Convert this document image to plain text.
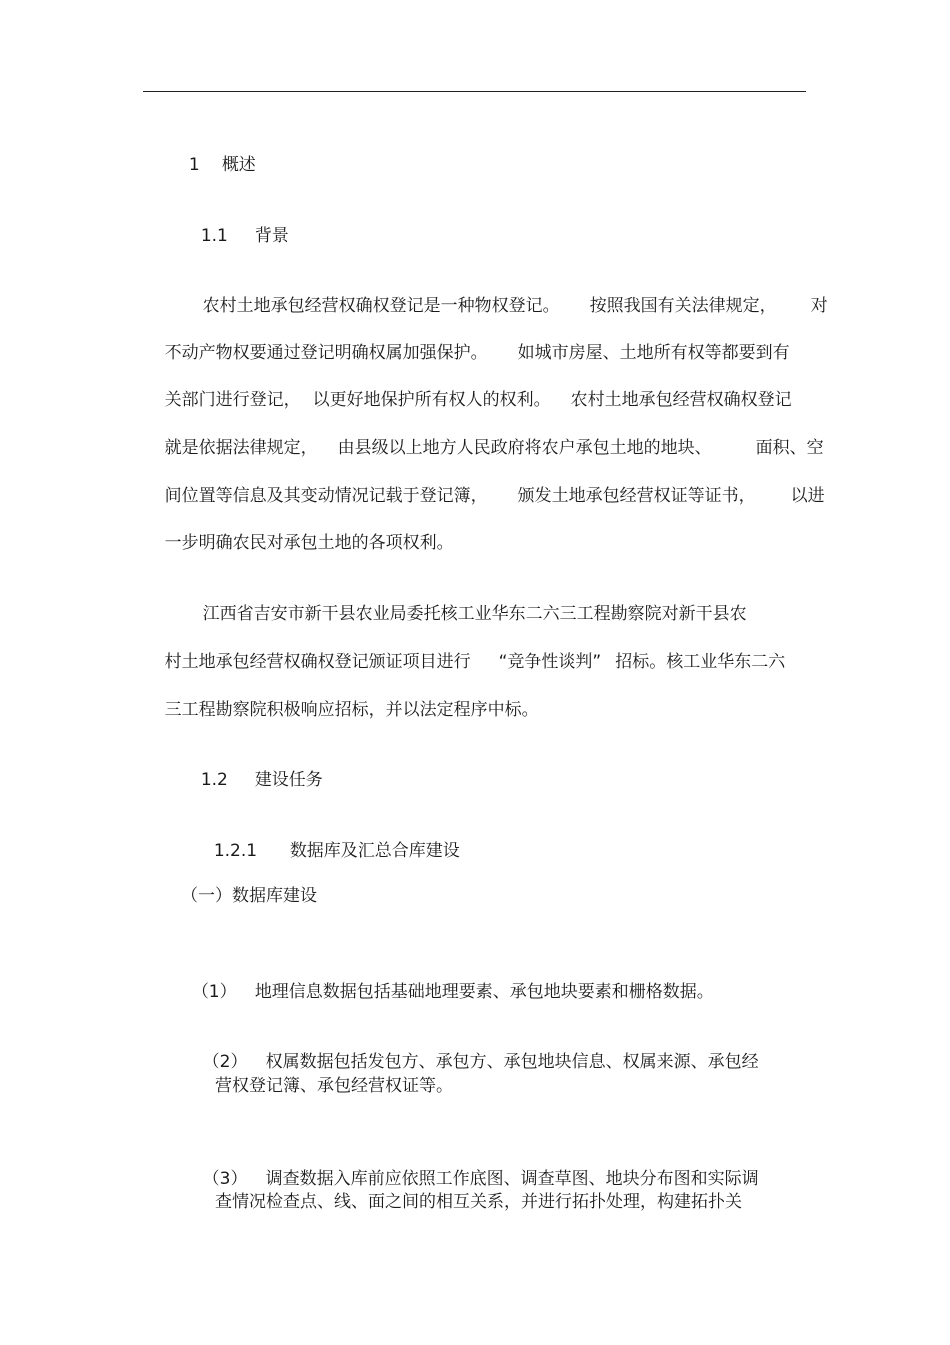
1 概述

1.1 背景

农村土地承包经营权确权登记是一种物权登记。 按照我国有关法律规定，
	对

不动产物权要通过登记明确权属加强保护。 如城市房屋、土地所有权等都要到有

关部门进行登记， 以更好地保护所有权人的权利。 农村土地承包经营权确权登记

就是依据法律规定， 由县级以上地方人民政府将农户承包土地的地块、
	面积、空

间位置等信息及其变动情况记载于登记簿， 颁发土地承包经营权证等证书，
	以进

一步明确农民对承包土地的各项权利。

江西省吉安市新干县农业局委托核工业华东二六三工程勘察院对新干县农

村土地承包经营权确权登记颁证项目进行 “竞争性谈判” 招标。核工业华东二六

三工程勘察院积极响应招标，并以法定程序中标。

1.2 建设任务

1.2.1 数据库及汇总合库建设

（一）数据库建设

（1） 地理信息数据包括基础地理要素、承包地块要素和栅格数据。

（2） 权属数据包括发包方、承包方、承包地块信息、权属来源、承包经

营权登记簿、承包经营权证等。

（3） 调查数据入库前应依照工作底图、调查草图、地块分布图和实际调

查情况检查点、线、面之间的相互关系，并进行拓扑处理，构建拓扑关
